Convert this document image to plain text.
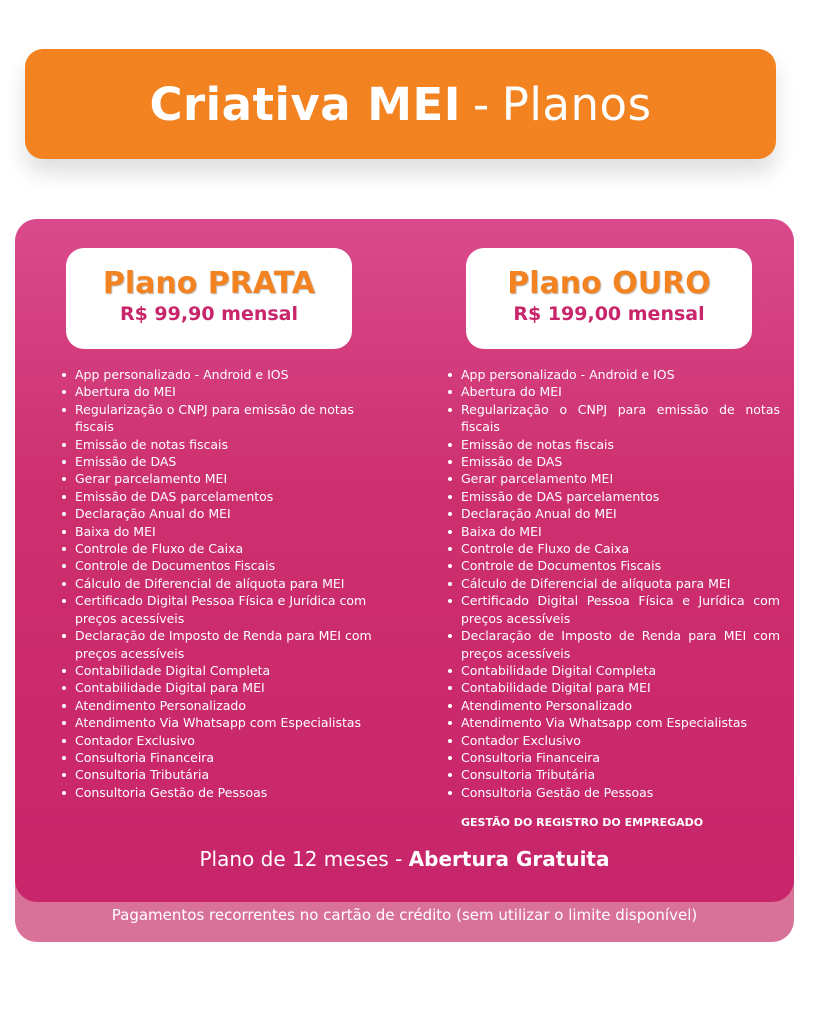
Criativa MEI - Planos
Plano PRATA
R$ 99,90 mensal
Plano OURO
R$ 199,00 mensal
App personalizado - Android e IOS
Abertura do MEI
Regularização o CNPJ para emissão de notas fiscais
Emissão de notas fiscais
Emissão de DAS
Gerar parcelamento MEI
Emissão de DAS parcelamentos
Declaração Anual do MEI
Baixa do MEI
Controle de Fluxo de Caixa
Controle de Documentos Fiscais
Cálculo de Diferencial de alíquota para MEI
Certificado Digital Pessoa Física e Jurídica com preços acessíveis
Declaração de Imposto de Renda para MEI com preços acessíveis
Contabilidade Digital Completa
Contabilidade Digital para MEI
Atendimento Personalizado
Atendimento Via Whatsapp com Especialistas
Contador Exclusivo
Consultoria Financeira
Consultoria Tributária
Consultoria Gestão de Pessoas
App personalizado - Android e IOS
Abertura do MEI
Regularização o CNPJ para emissão de notas fiscais
Emissão de notas fiscais
Emissão de DAS
Gerar parcelamento MEI
Emissão de DAS parcelamentos
Declaração Anual do MEI
Baixa do MEI
Controle de Fluxo de Caixa
Controle de Documentos Fiscais
Cálculo de Diferencial de alíquota para MEI
Certificado Digital Pessoa Física e Jurídica com preços acessíveis
Declaração de Imposto de Renda para MEI com preços acessíveis
Contabilidade Digital Completa
Contabilidade Digital para MEI
Atendimento Personalizado
Atendimento Via Whatsapp com Especialistas
Contador Exclusivo
Consultoria Financeira
Consultoria Tributária
Consultoria Gestão de Pessoas
GESTÃO DO REGISTRO DO EMPREGADO
Plano de 12 meses - Abertura Gratuita
Pagamentos recorrentes no cartão de crédito (sem utilizar o limite disponível)
